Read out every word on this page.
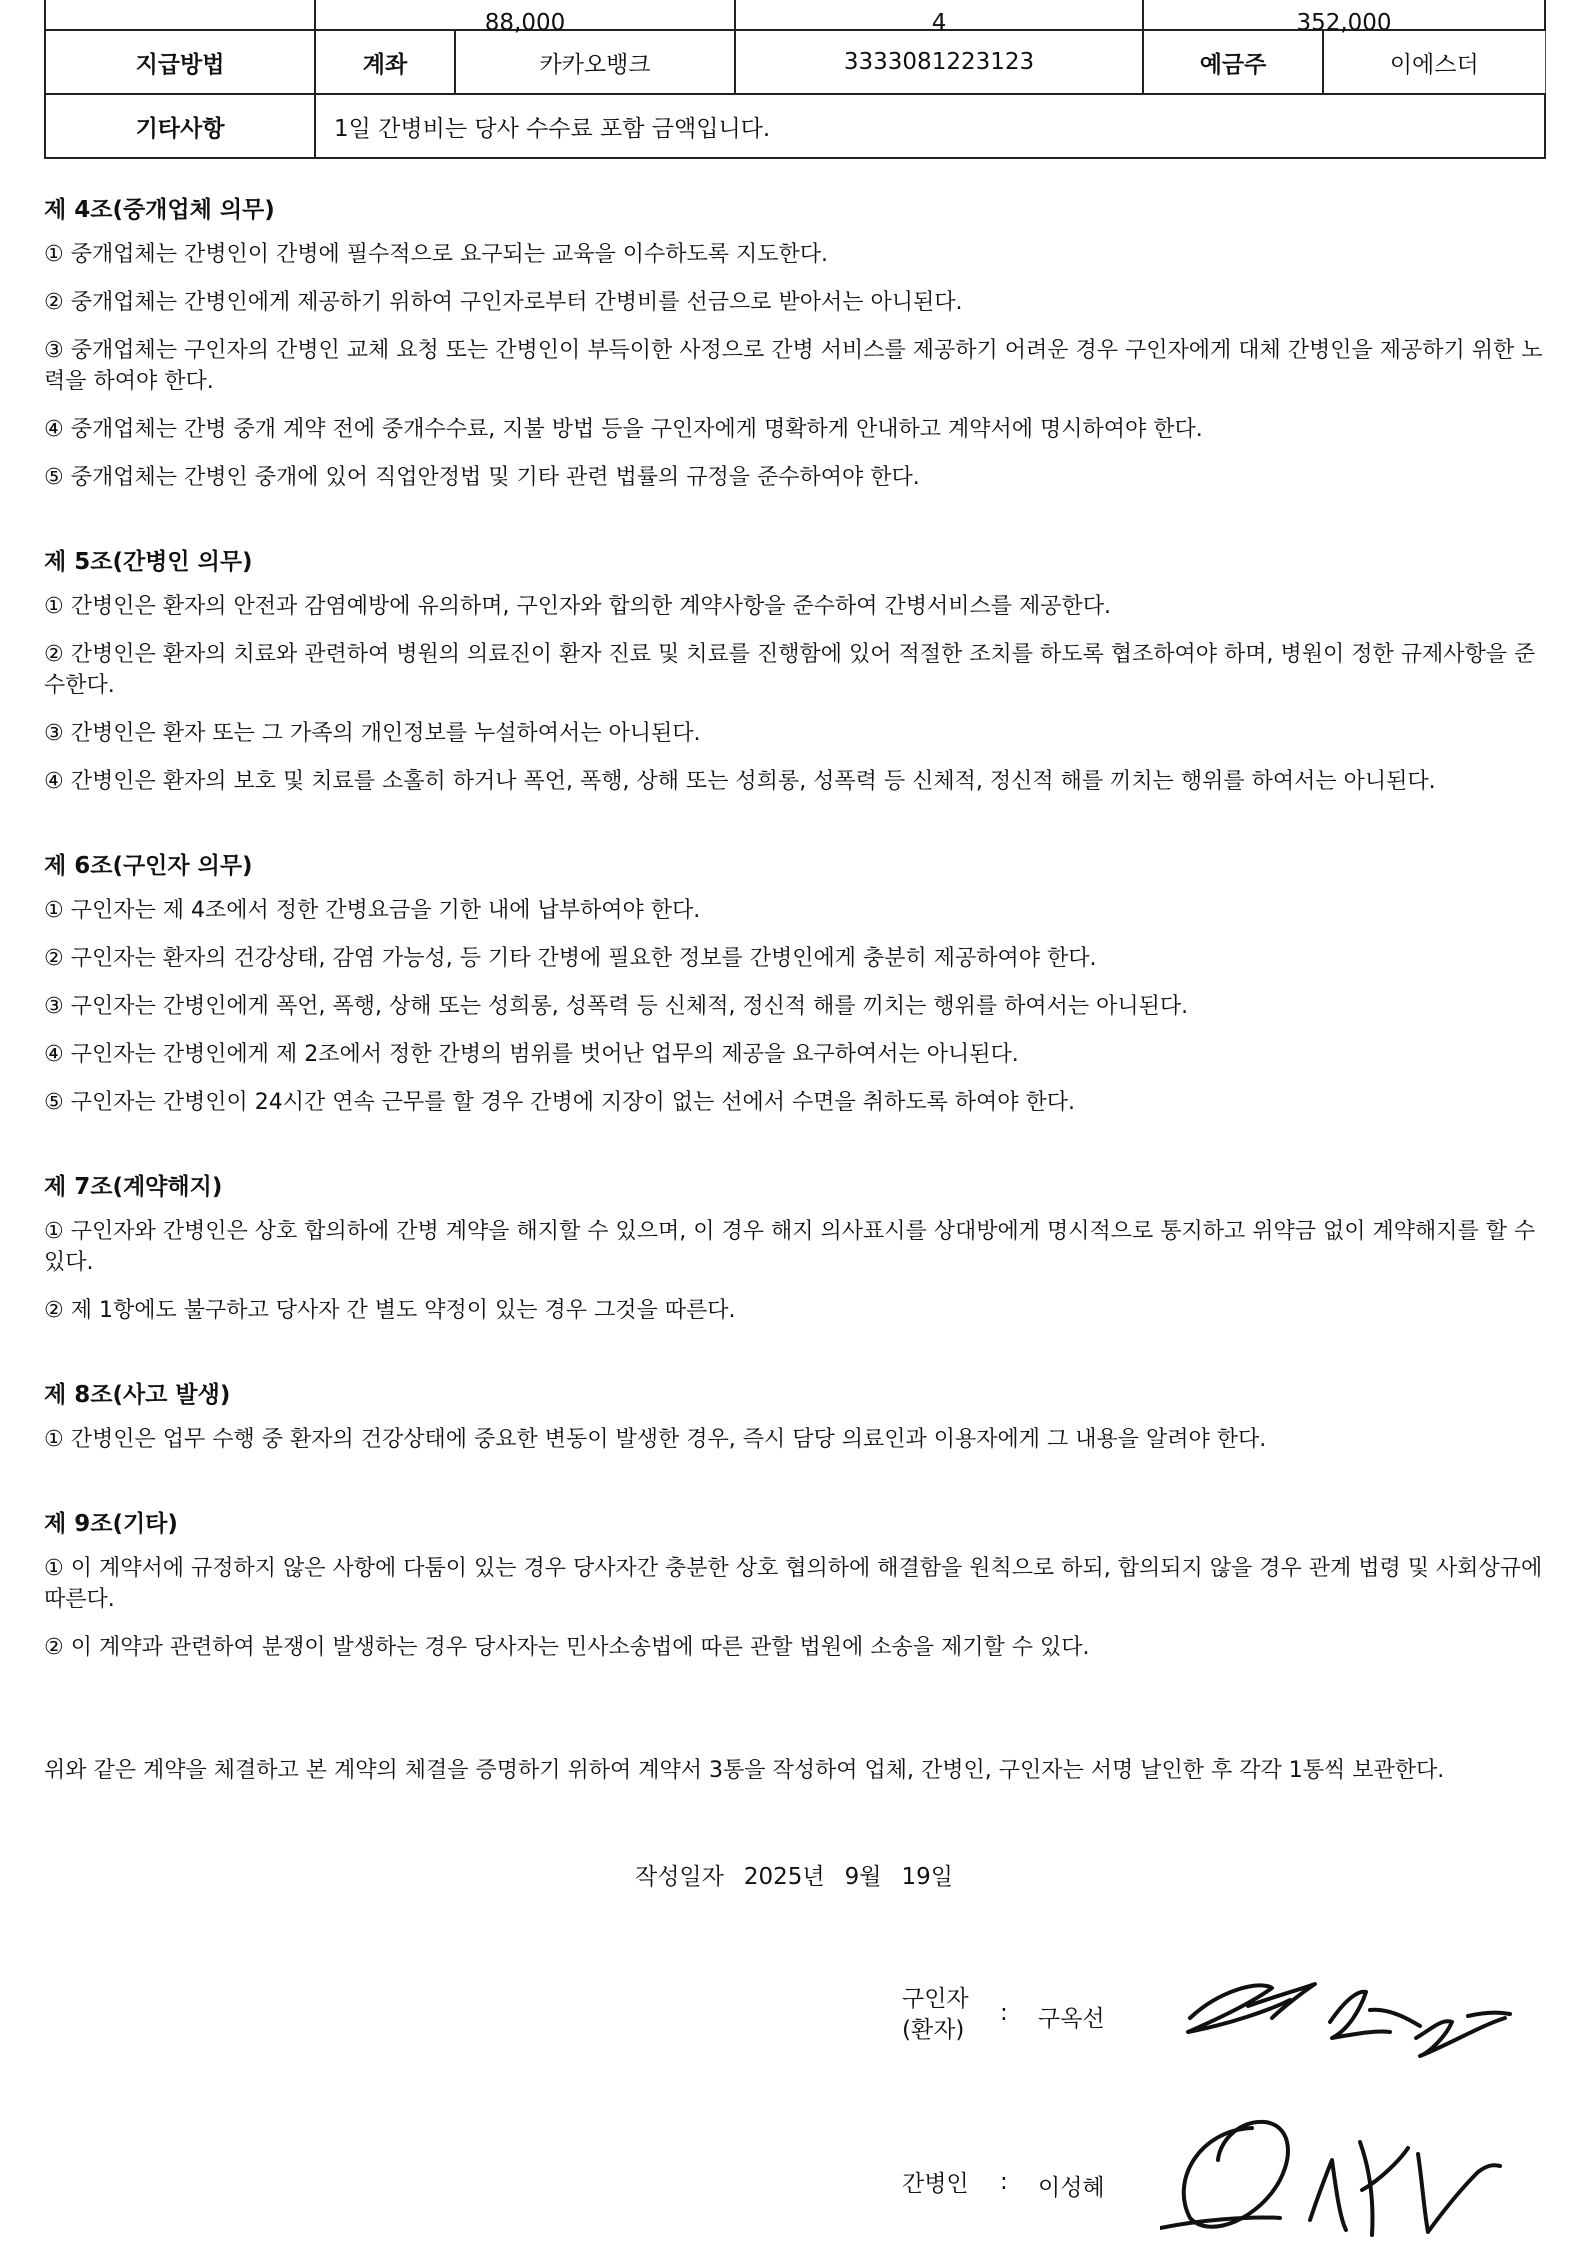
	88,000		4	352,000	
지급방법	계좌	카카오뱅크	3333081223123	예금주	이에스더
기타사항	1일 간병비는 당사 수수료 포함 금액입니다.				
제 4조(중개업체 의무)
① 중개업체는 간병인이 간병에 필수적으로 요구되는 교육을 이수하도록 지도한다.
② 중개업체는 간병인에게 제공하기 위하여 구인자로부터 간병비를 선금으로 받아서는 아니된다.
③ 중개업체는 구인자의 간병인 교체 요청 또는 간병인이 부득이한 사정으로 간병 서비스를 제공하기 어려운 경우 구인자에게 대체 간병인을 제공하기 위한 노력을 하여야 한다.
④ 중개업체는 간병 중개 계약 전에 중개수수료, 지불 방법 등을 구인자에게 명확하게 안내하고 계약서에 명시하여야 한다.
⑤ 중개업체는 간병인 중개에 있어 직업안정법 및 기타 관련 법률의 규정을 준수하여야 한다.
제 5조(간병인 의무)
① 간병인은 환자의 안전과 감염예방에 유의하며, 구인자와 합의한 계약사항을 준수하여 간병서비스를 제공한다.
② 간병인은 환자의 치료와 관련하여 병원의 의료진이 환자 진료 및 치료를 진행함에 있어 적절한 조치를 하도록 협조하여야 하며, 병원이 정한 규제사항을 준수한다.
③ 간병인은 환자 또는 그 가족의 개인정보를 누설하여서는 아니된다.
④ 간병인은 환자의 보호 및 치료를 소홀히 하거나 폭언, 폭행, 상해 또는 성희롱, 성폭력 등 신체적, 정신적 해를 끼치는 행위를 하여서는 아니된다.
제 6조(구인자 의무)
① 구인자는 제 4조에서 정한 간병요금을 기한 내에 납부하여야 한다.
② 구인자는 환자의 건강상태, 감염 가능성, 등 기타 간병에 필요한 정보를 간병인에게 충분히 제공하여야 한다.
③ 구인자는 간병인에게 폭언, 폭행, 상해 또는 성희롱, 성폭력 등 신체적, 정신적 해를 끼치는 행위를 하여서는 아니된다.
④ 구인자는 간병인에게 제 2조에서 정한 간병의 범위를 벗어난 업무의 제공을 요구하여서는 아니된다.
⑤ 구인자는 간병인이 24시간 연속 근무를 할 경우 간병에 지장이 없는 선에서 수면을 취하도록 하여야 한다.
제 7조(계약해지)
① 구인자와 간병인은 상호 합의하에 간병 계약을 해지할 수 있으며, 이 경우 해지 의사표시를 상대방에게 명시적으로 통지하고 위약금 없이 계약해지를 할 수 있다.
② 제 1항에도 불구하고 당사자 간 별도 약정이 있는 경우 그것을 따른다.
제 8조(사고 발생)
① 간병인은 업무 수행 중 환자의 건강상태에 중요한 변동이 발생한 경우, 즉시 담당 의료인과 이용자에게 그 내용을 알려야 한다.
제 9조(기타)
① 이 계약서에 규정하지 않은 사항에 다툼이 있는 경우 당사자간 충분한 상호 협의하에 해결함을 원칙으로 하되, 합의되지 않을 경우 관계 법령 및 사회상규에 따른다.
② 이 계약과 관련하여 분쟁이 발생하는 경우 당사자는 민사소송법에 따른 관할 법원에 소송을 제기할 수 있다.
위와 같은 계약을 체결하고 본 계약의 체결을 증명하기 위하여 계약서 3통을 작성하여 업체, 간병인, 구인자는 서명 날인한 후 각각 1통씩 보관한다.
작성일자 2025년 9월 19일
구인자
(환자)
: 구옥선
간병인 : 이성혜
